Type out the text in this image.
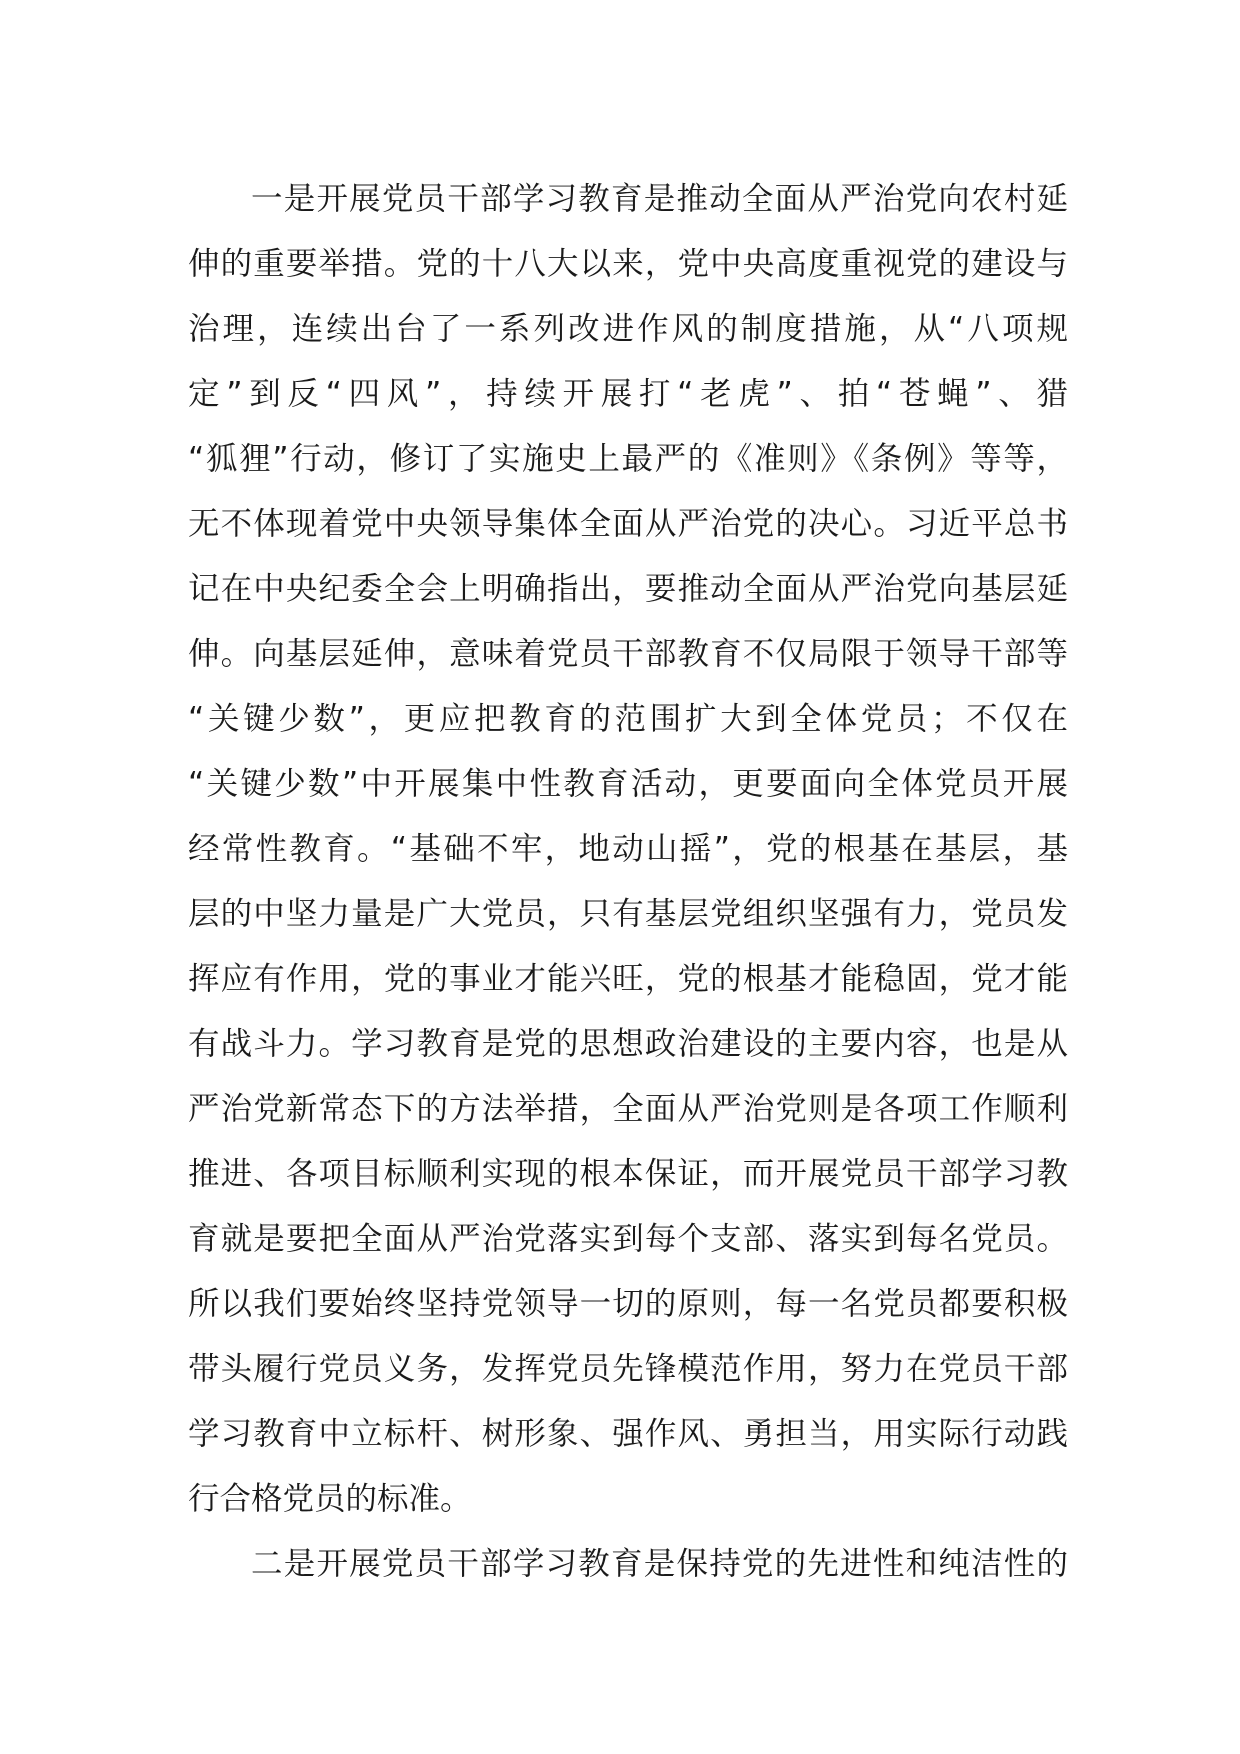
一是开展党员干部学习教育是推动全面从严治党向农村延
伸的重要举措。党的十八大以来，党中央高度重视党的建设与
治理，连续出台了一系列改进作风的制度措施，从“八项规
定”到反“四风”，持续开展打“老虎”、拍“苍蝇”、猎
“狐狸”行动，修订了实施史上最严的《准则》《条例》等等，
无不体现着党中央领导集体全面从严治党的决心。习近平总书
记在中央纪委全会上明确指出，要推动全面从严治党向基层延
伸。向基层延伸，意味着党员干部教育不仅局限于领导干部等
“关键少数”，更应把教育的范围扩大到全体党员；不仅在
“关键少数”中开展集中性教育活动，更要面向全体党员开展
经常性教育。“基础不牢，地动山摇”，党的根基在基层，基
层的中坚力量是广大党员，只有基层党组织坚强有力，党员发
挥应有作用，党的事业才能兴旺，党的根基才能稳固，党才能
有战斗力。学习教育是党的思想政治建设的主要内容，也是从
严治党新常态下的方法举措，全面从严治党则是各项工作顺利
推进、各项目标顺利实现的根本保证，而开展党员干部学习教
育就是要把全面从严治党落实到每个支部、落实到每名党员。
所以我们要始终坚持党领导一切的原则，每一名党员都要积极
带头履行党员义务，发挥党员先锋模范作用，努力在党员干部
学习教育中立标杆、树形象、强作风、勇担当，用实际行动践
行合格党员的标准。
二是开展党员干部学习教育是保持党的先进性和纯洁性的
